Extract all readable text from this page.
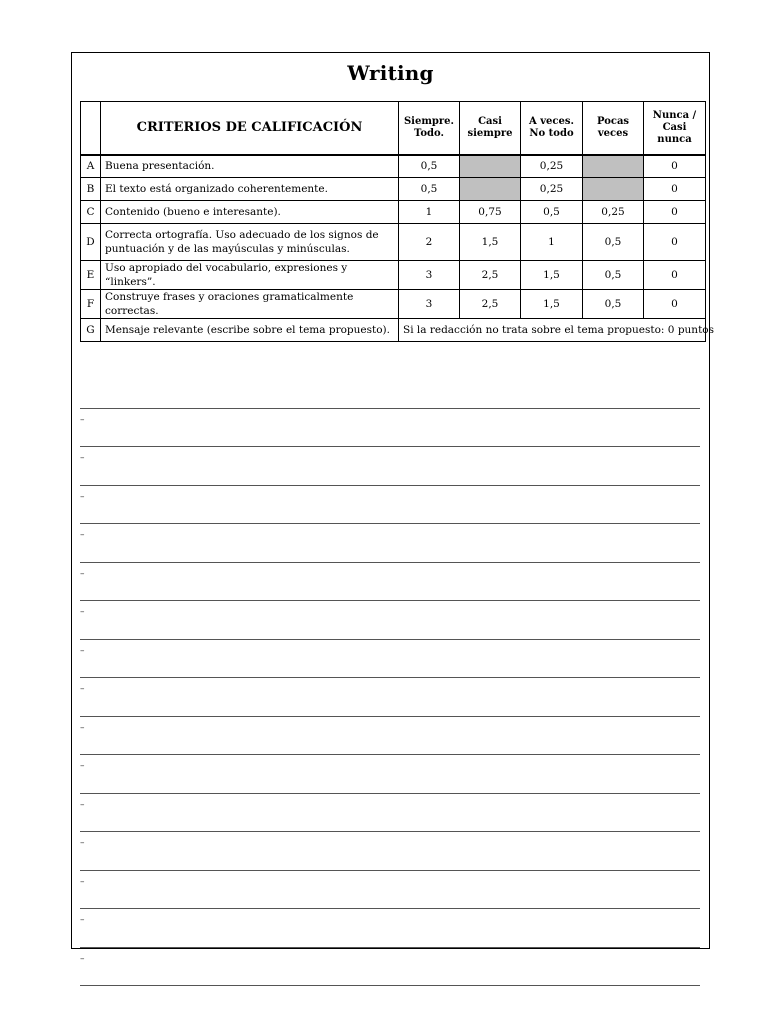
Writing
	CRITERIOS DE CALIFICACIÓN	Siempre. Todo.	Casi siempre	A veces. No todo	Pocas veces	Nunca / Casi nunca
A	Buena presentación.	0,5		0,25		0
B	El texto está organizado coherentemente.	0,5		0,25		0
C	Contenido (bueno e interesante).	1	0,75	0,5	0,25	0
D	Correcta ortografía. Uso adecuado de los signos de puntuación y de las mayúsculas y minúsculas.	2	1,5	1	0,5	0
E	Uso apropiado del vocabulario, expresiones y “linkers”.	3	2,5	1,5	0,5	0
F	Construye frases y oraciones gramaticalmente correctas.	3	2,5	1,5	0,5	0
G	Mensaje relevante (escribe sobre el tema propuesto).	Si la redacción no trata sobre el tema propuesto: 0 puntos				
–
–
–
–
–
–
–
–
–
–
–
–
–
–
–
